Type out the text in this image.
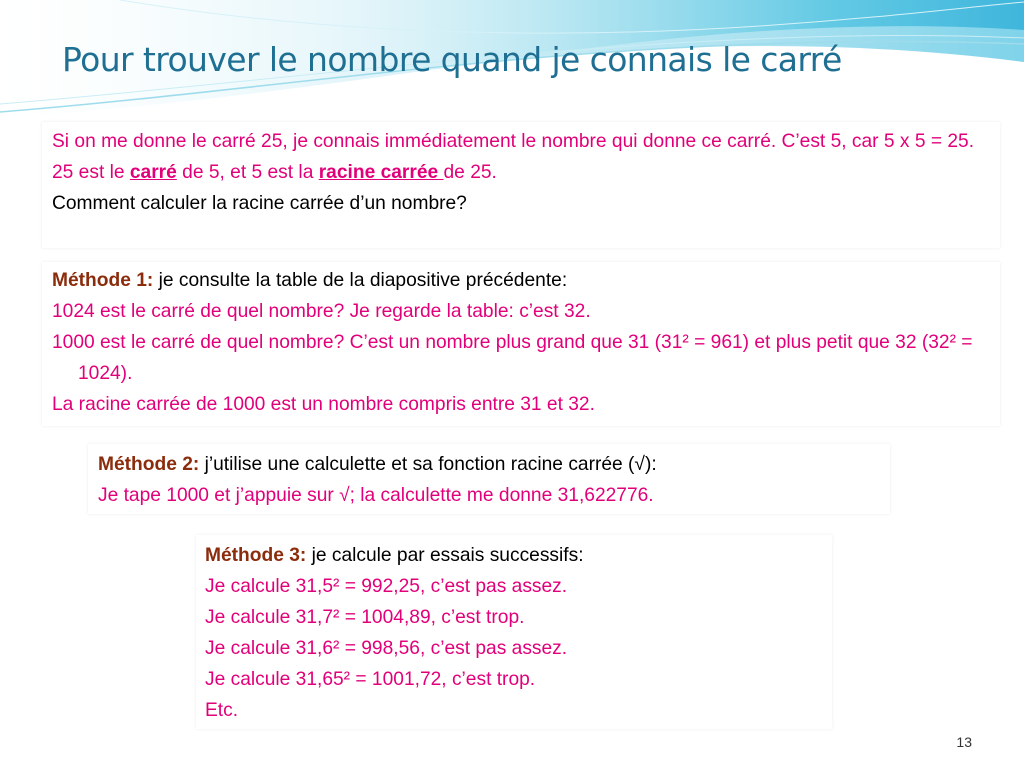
Pour trouver le nombre quand je connais le carré

Si on me donne le carré 25, je connais immédiatement le nombre qui donne ce carré. C’est 5, car 5 x 5 = 25.

25 est le carré de 5, et 5 est la racine carrée de 25.

Comment calculer la racine carrée d’un nombre?

Méthode 1: je consulte la table de la diapositive précédente:

1024 est le carré de quel nombre? Je regarde la table: c’est 32.

1000 est le carré de quel nombre? C’est un nombre plus grand que 31 (31² = 961) et plus petit que 32 (32² = 1024).

La racine carrée de 1000 est un nombre compris entre 31 et 32.

Méthode 2: j’utilise une calculette et sa fonction racine carrée (√):

Je tape 1000 et j’appuie sur √; la calculette me donne 31,622776.

Méthode 3: je calcule par essais successifs:

Je calcule 31,5² = 992,25, c’est pas assez.

Je calcule 31,7² = 1004,89, c’est trop.

Je calcule 31,6² = 998,56, c’est pas assez.

Je calcule 31,65² = 1001,72, c’est trop.

Etc.

13
